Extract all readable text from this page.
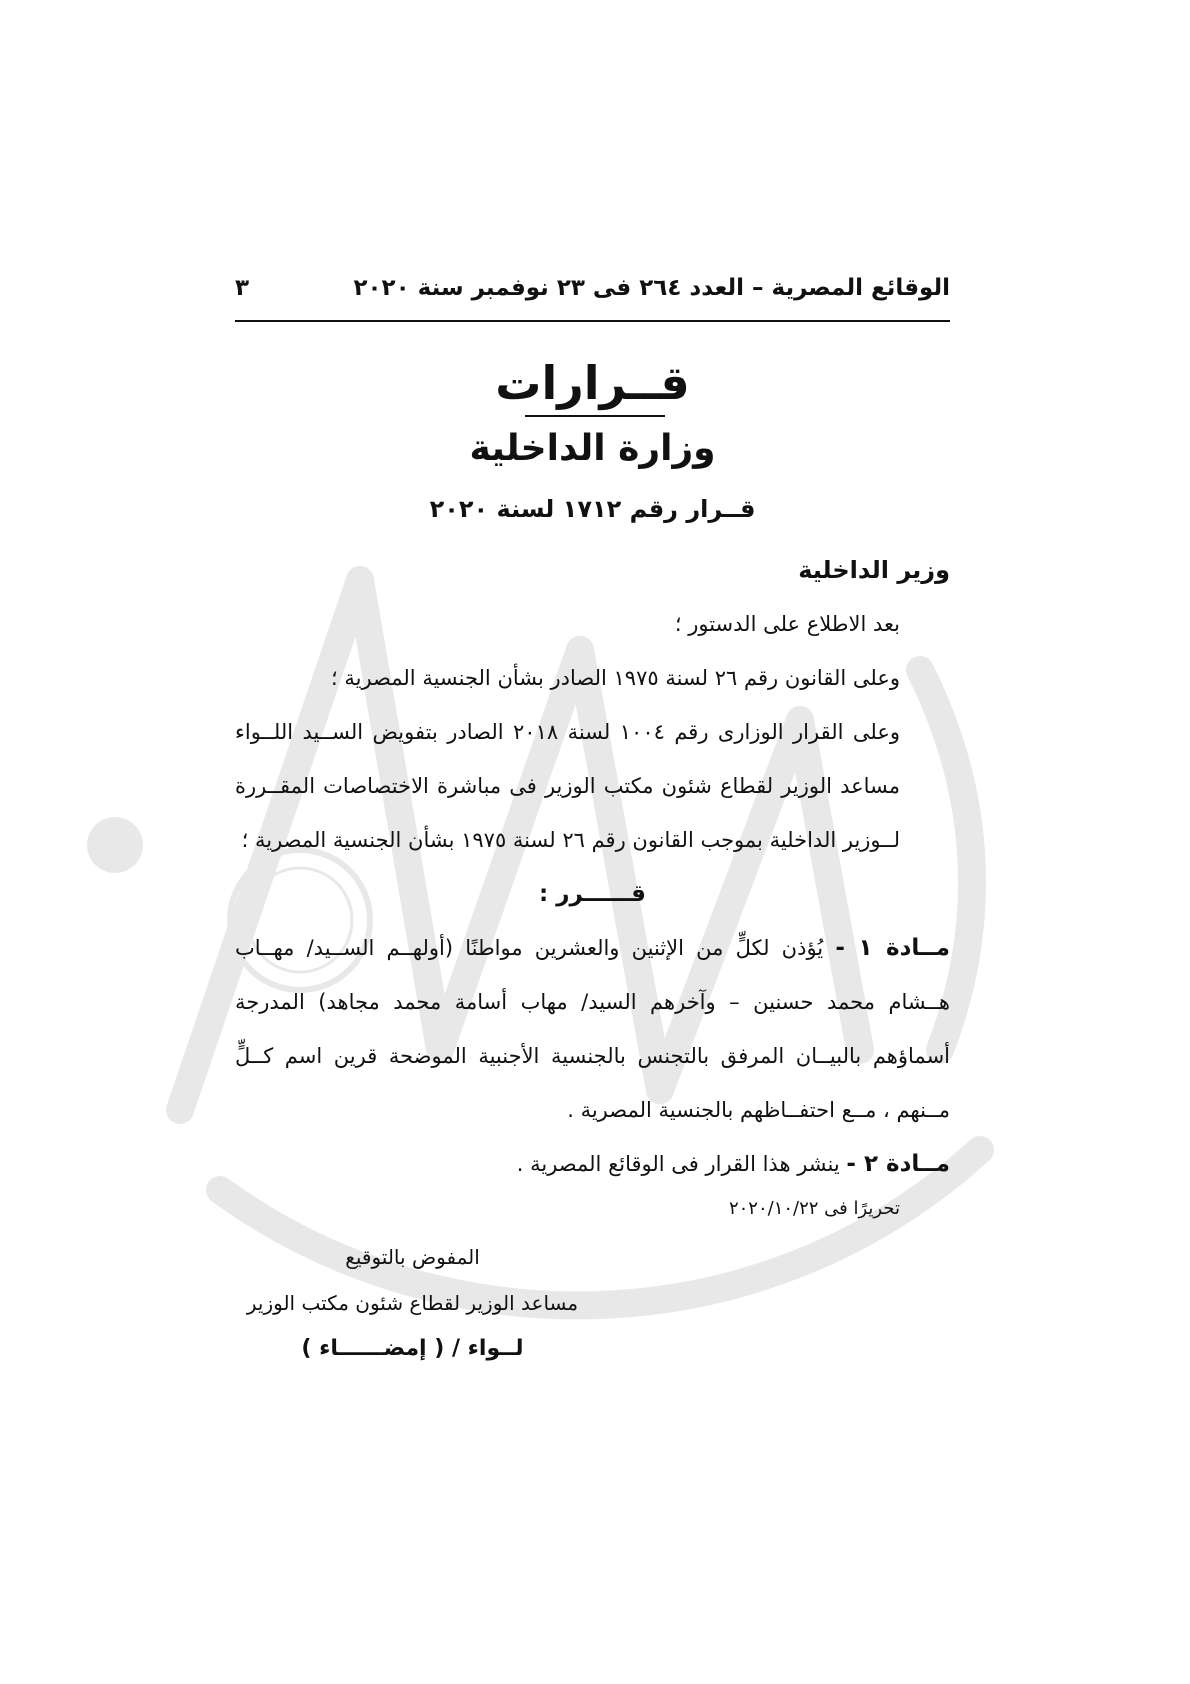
الوقائع المصرية – العدد ٢٦٤ فى ٢٣ نوفمبر سنة ٢٠٢٠
٣
قــرارات
وزارة الداخلية
قــرار رقم ١٧١٢ لسنة ٢٠٢٠

وزير الداخلية

بعد الاطلاع على الدستور ؛

وعلى القانون رقم ٢٦ لسنة ١٩٧٥ الصادر بشأن الجنسية المصرية ؛

وعلى القرار الوزارى رقم ١٠٠٤ لسنة ٢٠١٨ الصادر بتفويض الســيد اللــواء مساعد الوزير لقطاع شئون مكتب الوزير فى مباشرة الاختصاصات المقــررة لــوزير الداخلية بموجب القانون رقم ٢٦ لسنة ١٩٧٥ بشأن الجنسية المصرية ؛

قــــــرر :

مــادة ١ - يُؤذن لكلٍّ من الإثنين والعشرين مواطنًا (أولهــم الســيد/ مهــاب هــشام محمد حسنين – وآخرهم السيد/ مهاب أسامة محمد مجاهد) المدرجة أسماؤهم بالبيــان المرفق بالتجنس بالجنسية الأجنبية الموضحة قرين اسم كــلٍّ مــنهم ، مــع احتفــاظهم بالجنسية المصرية .

مــادة ٢ - ينشر هذا القرار فى الوقائع المصرية .

تحريرًا فى ٢٠٢٠/١٠/٢٢
المفوض بالتوقيع
مساعد الوزير لقطاع شئون مكتب الوزير
لــواء / ( إمضــــــاء )
